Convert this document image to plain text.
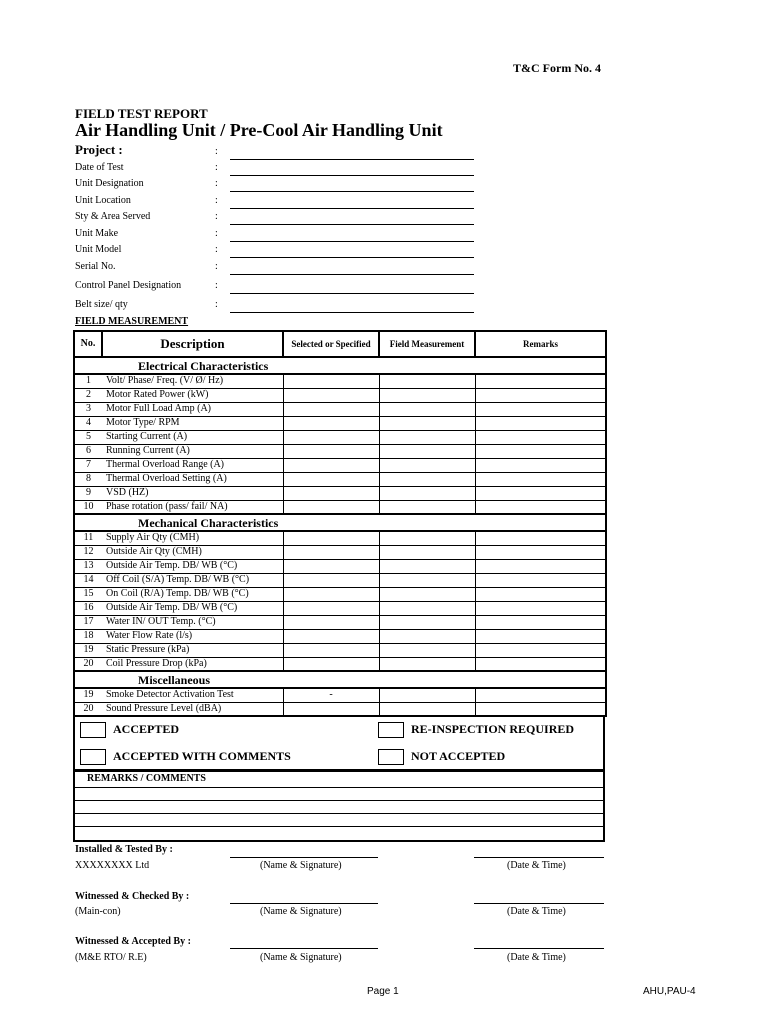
T&C Form No. 4
FIELD TEST REPORT
Air Handling Unit / Pre-Cool Air Handling Unit
Project :	:
Date of Test	:
Unit Designation	:
Unit Location	:
Sty & Area Served	:
Unit Make	:
Unit Model	:
Serial No.	:
Control Panel Designation	:
Belt size/ qty	:
FIELD MEASUREMENT
No.	Description	Selected or Specified	Field Measurement	Remarks
	Electrical Characteristics			
1	Volt/ Phase/ Freq. (V/ Ø/ Hz)			
2	Motor Rated Power (kW)			
3	Motor Full Load Amp (A)			
4	Motor Type/ RPM			
5	Starting Current (A)			
6	Running Current (A)			
7	Thermal Overload Range (A)			
8	Thermal Overload Setting (A)			
9	VSD (HZ)			
10	Phase rotation (pass/ fail/ NA)			
	Mechanical Characteristics			
11	Supply Air Qty (CMH)			
12	Outside Air Qty (CMH)			
13	Outside Air Temp. DB/ WB (°C)			
14	Off Coil (S/A) Temp. DB/ WB (°C)			
15	On Coil (R/A) Temp. DB/ WB (°C)			
16	Outside Air Temp. DB/ WB (°C)			
17	Water IN/ OUT Temp. (°C)			
18	Water Flow Rate (l/s)			
19	Static Pressure (kPa)			
20	Coil Pressure Drop (kPa)			
	Miscellaneous			
19	Smoke Detector Activation Test	-		
20	Sound Pressure Level (dBA)			
ACCEPTED	RE-INSPECTION REQUIRED
ACCEPTED WITH COMMENTS	NOT ACCEPTED
REMARKS / COMMENTS
Installed & Tested By :
XXXXXXXX Ltd	(Name & Signature)	(Date & Time)
Witnessed & Checked By :
(Main-con)	(Name & Signature)	(Date & Time)
Witnessed & Accepted By :
(M&E RTO/ R.E)	(Name & Signature)	(Date & Time)
Page 1	AHU,PAU-4
